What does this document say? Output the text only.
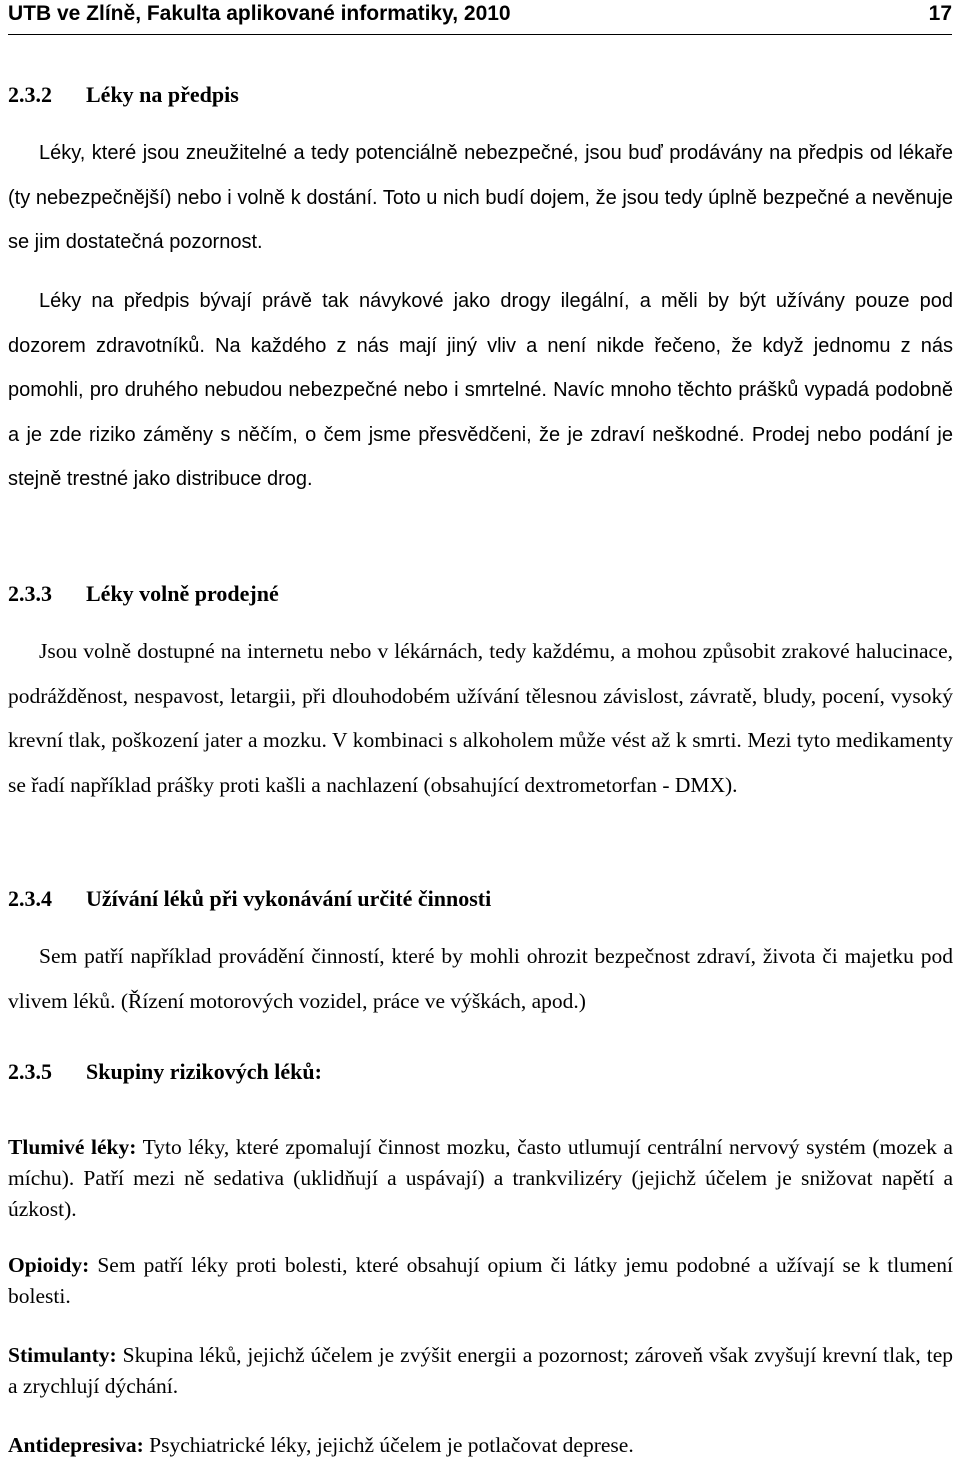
UTB ve Zlíně, Fakulta aplikované informatiky, 2010	17
2.3.2 Léky na předpis

Léky, které jsou zneužitelné a tedy potenciálně nebezpečné, jsou buď prodávány na předpis od lékaře (ty nebezpečnější) nebo i volně k dostání. Toto u nich budí dojem, že jsou tedy úplně bezpečné a nevěnuje se jim dostatečná pozornost.

Léky na předpis bývají právě tak návykové jako drogy ilegální, a měli by být užívány pouze pod dozorem zdravotníků. Na každého z nás mají jiný vliv a není nikde řečeno, že když jednomu z nás pomohli, pro druhého nebudou nebezpečné nebo i smrtelné. Navíc mnoho těchto prášků vypadá podobně a je zde riziko záměny s něčím, o čem jsme přesvědčeni, že je zdraví neškodné. Prodej nebo podání je stejně trestné jako distribuce drog.

2.3.3 Léky volně prodejné

Jsou volně dostupné na internetu nebo v lékárnách, tedy každému, a mohou způsobit zrakové halucinace, podrážděnost, nespavost, letargii, při dlouhodobém užívání tělesnou závislost, závratě, bludy, pocení, vysoký krevní tlak, poškození jater a mozku. V kombinaci s alkoholem může vést až k smrti. Mezi tyto medikamenty se řadí například prášky proti kašli a nachlazení (obsahující dextrometorfan - DMX).

2.3.4 Užívání léků při vykonávání určité činnosti

Sem patří například provádění činností, které by mohli ohrozit bezpečnost zdraví, života či majetku pod vlivem léků. (Řízení motorových vozidel, práce ve výškách, apod.)

2.3.5 Skupiny rizikových léků:

Tlumivé léky: Tyto léky, které zpomalují činnost mozku, často utlumují centrální nervový systém (mozek a míchu). Patří mezi ně sedativa (uklidňují a uspávají) a trankvilizéry (jejichž účelem je snižovat napětí a úzkost).

Opioidy: Sem patří léky proti bolesti, které obsahují opium či látky jemu podobné a užívají se k tlumení bolesti.

Stimulanty: Skupina léků, jejichž účelem je zvýšit energii a pozornost; zároveň však zvyšují krevní tlak, tep a zrychlují dýchání.

Antidepresiva: Psychiatrické léky, jejichž účelem je potlačovat deprese.
